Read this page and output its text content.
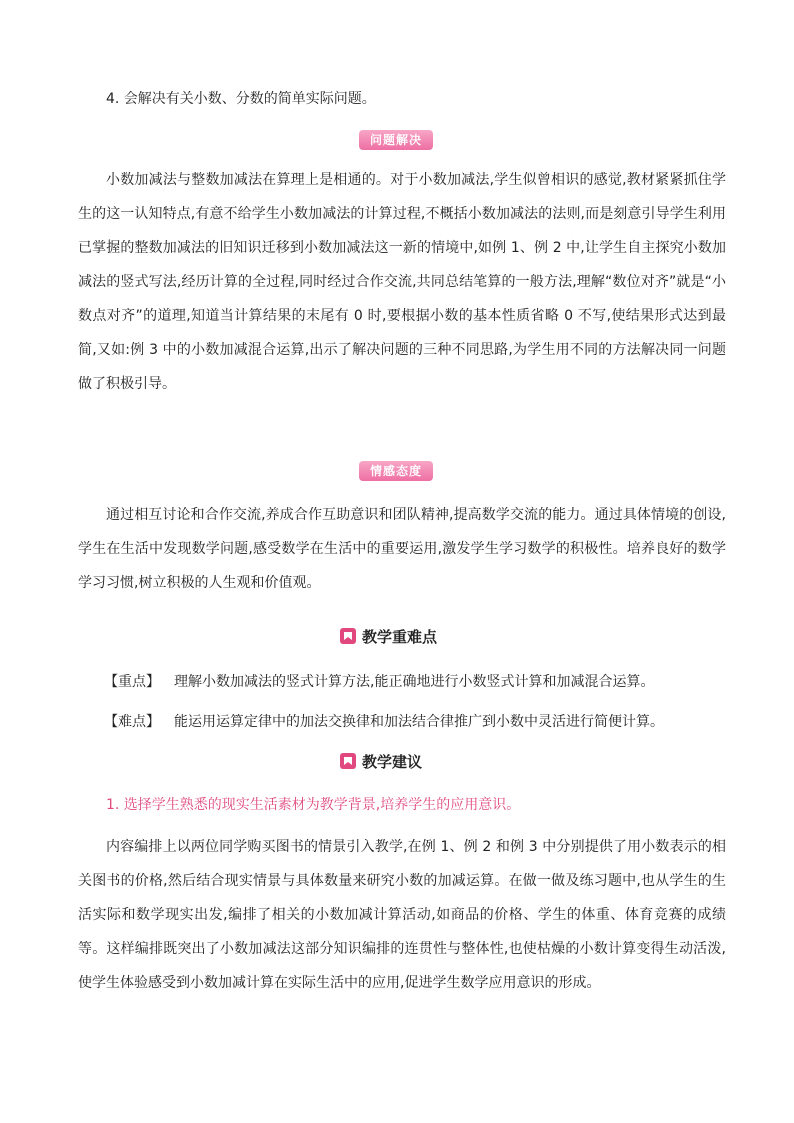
4. 会解决有关小数、分数的简单实际问题。

问题解决

小数加减法与整数加减法在算理上是相通的。对于小数加减法,学生似曾相识的感觉,教材紧紧抓住学生的这一认知特点,有意不给学生小数加减法的计算过程,不概括小数加减法的法则,而是刻意引导学生利用已掌握的整数加减法的旧知识迁移到小数加减法这一新的情境中,如例 1、例 2 中,让学生自主探究小数加减法的竖式写法,经历计算的全过程,同时经过合作交流,共同总结笔算的一般方法,理解“数位对齐”就是“小数点对齐”的道理,知道当计算结果的末尾有 0 时,要根据小数的基本性质省略 0 不写,使结果形式达到最简,又如:例 3 中的小数加减混合运算,出示了解决问题的三种不同思路,为学生用不同的方法解决同一问题做了积极引导。

情感态度

通过相互讨论和合作交流,养成合作互助意识和团队精神,提高数学交流的能力。通过具体情境的创设,学生在生活中发现数学问题,感受数学在生活中的重要运用,激发学生学习数学的积极性。培养良好的数学学习习惯,树立积极的人生观和价值观。

教学重难点
【重点】 理解小数加减法的竖式计算方法,能正确地进行小数竖式计算和加减混合运算。
【难点】 能运用运算定律中的加法交换律和加法结合律推广到小数中灵活进行简便计算。
教学建议

1. 选择学生熟悉的现实生活素材为教学背景,培养学生的应用意识。

内容编排上以两位同学购买图书的情景引入教学,在例 1、例 2 和例 3 中分别提供了用小数表示的相关图书的价格,然后结合现实情景与具体数量来研究小数的加减运算。在做一做及练习题中,也从学生的生活实际和数学现实出发,编排了相关的小数加减计算活动,如商品的价格、学生的体重、体育竞赛的成绩等。这样编排既突出了小数加减法这部分知识编排的连贯性与整体性,也使枯燥的小数计算变得生动活泼,使学生体验感受到小数加减计算在实际生活中的应用,促进学生数学应用意识的形成。
